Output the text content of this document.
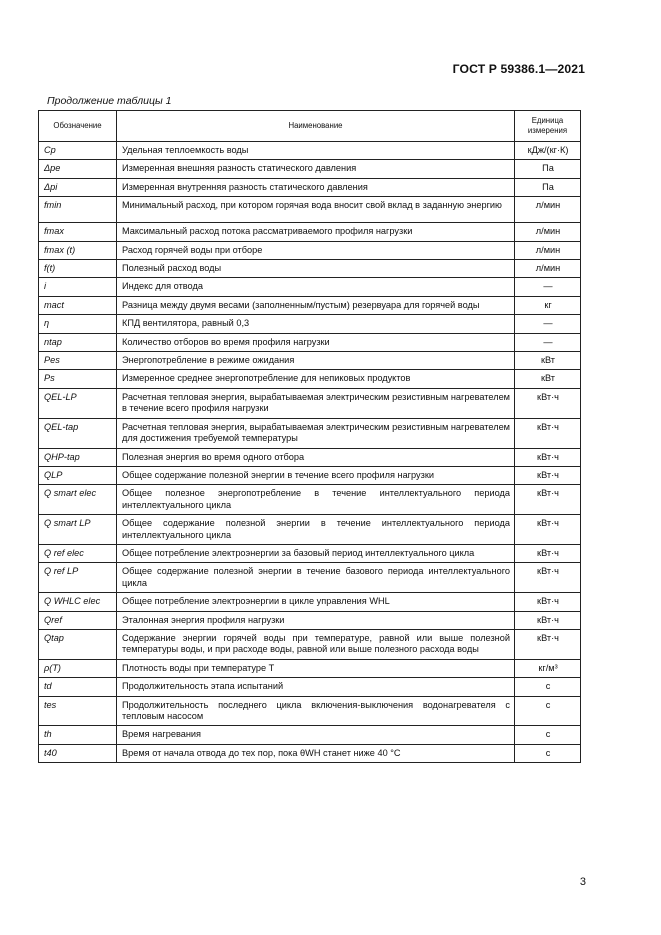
ГОСТ Р 59386.1—2021
Продолжение таблицы 1
Обозначение	Наименование	Единица измерения
Cp	Удельная теплоемкость воды	кДж/(кг·К)
Δpe	Измеренная внешняя разность статического давления	Па
Δpi	Измеренная внутренняя разность статического давления	Па
fmin	Минимальный расход, при котором горячая вода вносит свой вклад в заданную энергию	л/мин
fmax	Максимальный расход потока рассматриваемого профиля нагрузки	л/мин
fmax (t)	Расход горячей воды при отборе	л/мин
f(t)	Полезный расход воды	л/мин
i	Индекс для отвода	—
mact	Разница между двумя весами (заполненным/пустым) резервуара для горячей воды	кг
η	КПД вентилятора, равный 0,3	—
ntap	Количество отборов во время профиля нагрузки	—
Pes	Энергопотребление в режиме ожидания	кВт
Ps	Измеренное среднее энергопотребление для непиковых продуктов	кВт
QEL-LP	Расчетная тепловая энергия, вырабатываемая электрическим резистивным нагревателем в течение всего профиля нагрузки	кВт·ч
QEL-tap	Расчетная тепловая энергия, вырабатываемая электрическим резистивным нагревателем для достижения требуемой температуры	кВт·ч
QHP-tap	Полезная энергия во время одного отбора	кВт·ч
QLP	Общее содержание полезной энергии в течение всего профиля нагрузки	кВт·ч
Q smart elec	Общее полезное энергопотребление в течение интеллектуального периода интеллектуального цикла	кВт·ч
Q smart LP	Общее содержание полезной энергии в течение интеллектуального периода интеллектуального цикла	кВт·ч
Q ref elec	Общее потребление электроэнергии за базовый период интеллектуального цикла	кВт·ч
Q ref LP	Общее содержание полезной энергии в течение базового периода интеллектуального цикла	кВт·ч
Q WHLC elec	Общее потребление электроэнергии в цикле управления WHL	кВт·ч
Qref	Эталонная энергия профиля нагрузки	кВт·ч
Qtap	Содержание энергии горячей воды при температуре, равной или выше полезной температуры воды, и при расходе воды, равной или выше полезного расхода воды	кВт·ч
ρ(T)	Плотность воды при температуре T	кг/м³
td	Продолжительность этапа испытаний	с
tes	Продолжительность последнего цикла включения-выключения водонагревателя с тепловым насосом	с
th	Время нагревания	с
t40	Время от начала отвода до тех пор, пока θWH станет ниже 40 °C	с
3
